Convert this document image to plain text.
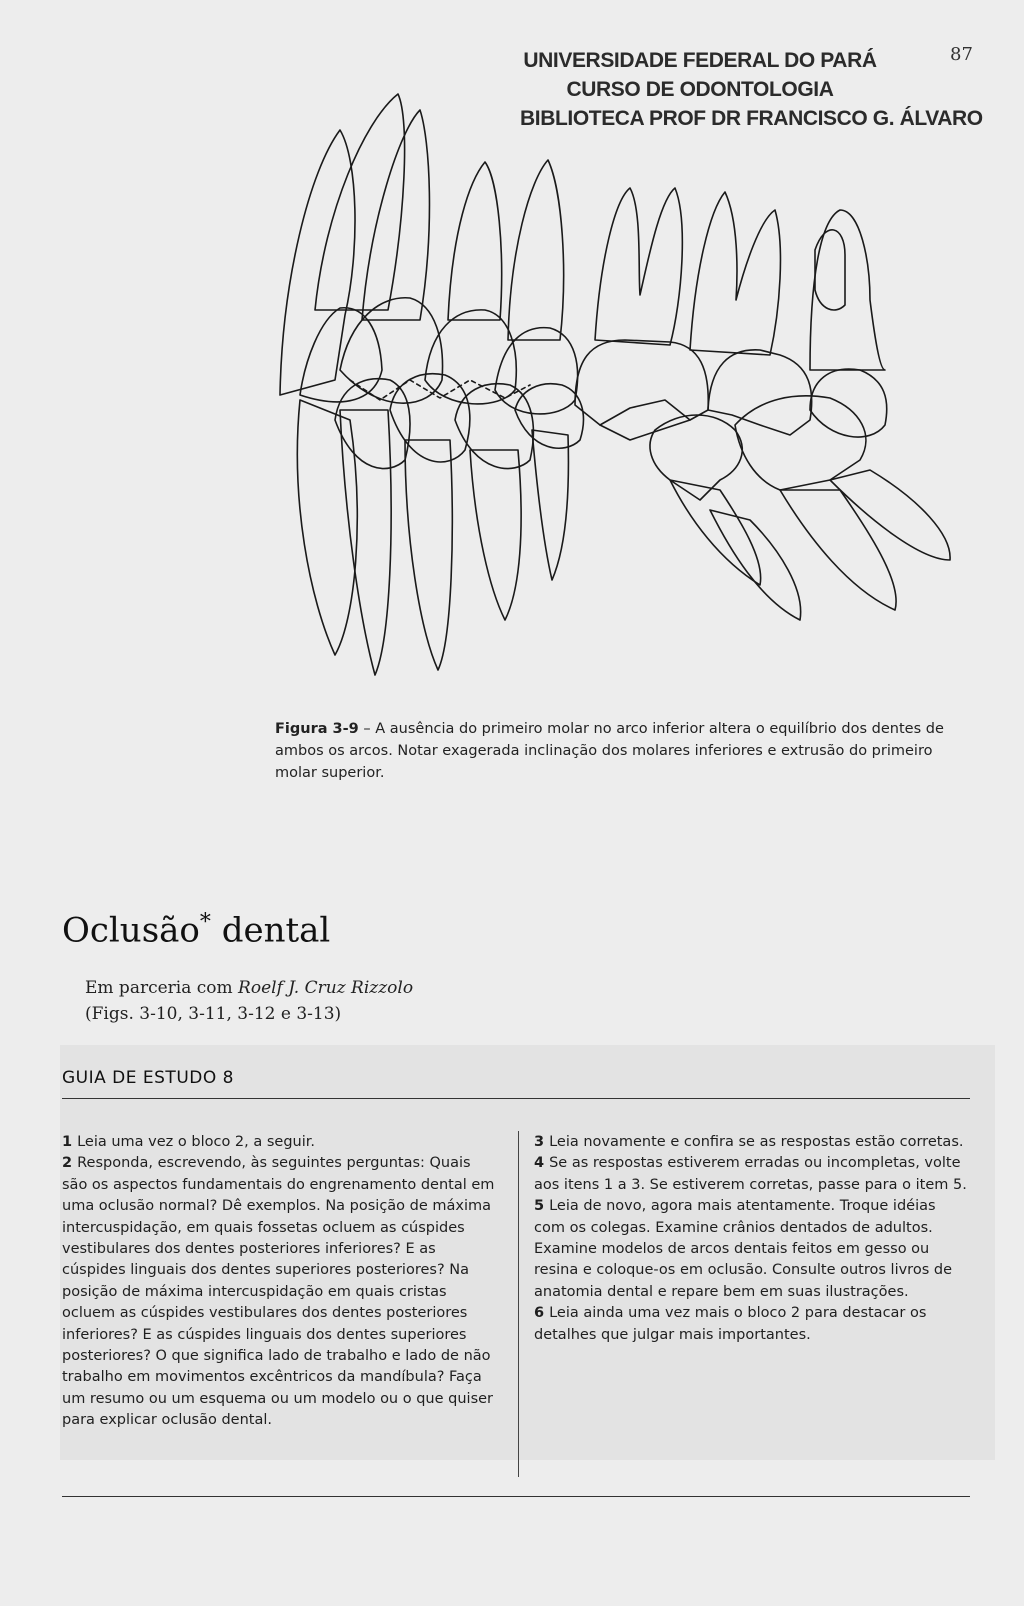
UNIVERSIDADE FEDERAL DO PARÁ
CURSO DE ODONTOLOGIA
BIBLIOTECA PROF DR FRANCISCO G. ÁLVARO
87
Figura 3-9 – A ausência do primeiro molar no arco inferior altera o equilíbrio dos dentes de ambos os arcos. Notar exagerada inclinação dos molares inferiores e extrusão do primeiro molar superior.
Oclusão* dental
Em parceria com Roelf J. Cruz Rizzolo
(Figs. 3-10, 3-11, 3-12 e 3-13)
GUIA DE ESTUDO 8

1 Leia uma vez o bloco 2, a seguir.

2 Responda, escrevendo, às seguintes perguntas: Quais são os aspectos fundamentais do engrenamento dental em uma oclusão normal? Dê exemplos. Na posição de máxima intercuspidação, em quais fossetas ocluem as cúspides vestibulares dos dentes posteriores inferiores? E as cúspides linguais dos dentes superiores posteriores? Na posição de máxima intercuspidação em quais cristas ocluem as cúspides vestibulares dos dentes posteriores inferiores? E as cúspides linguais dos dentes superiores posteriores? O que significa lado de trabalho e lado de não trabalho em movimentos excêntricos da mandíbula? Faça um resumo ou um esquema ou um modelo ou o que quiser para explicar oclusão dental.

3 Leia novamente e confira se as respostas estão corretas.

4 Se as respostas estiverem erradas ou incompletas, volte aos itens 1 a 3. Se estiverem corretas, passe para o item 5.

5 Leia de novo, agora mais atentamente. Troque idéias com os colegas. Examine crânios dentados de adultos. Examine modelos de arcos dentais feitos em gesso ou resina e coloque-os em oclusão. Consulte outros livros de anatomia dental e repare bem em suas ilustrações.

6 Leia ainda uma vez mais o bloco 2 para destacar os detalhes que julgar mais importantes.
